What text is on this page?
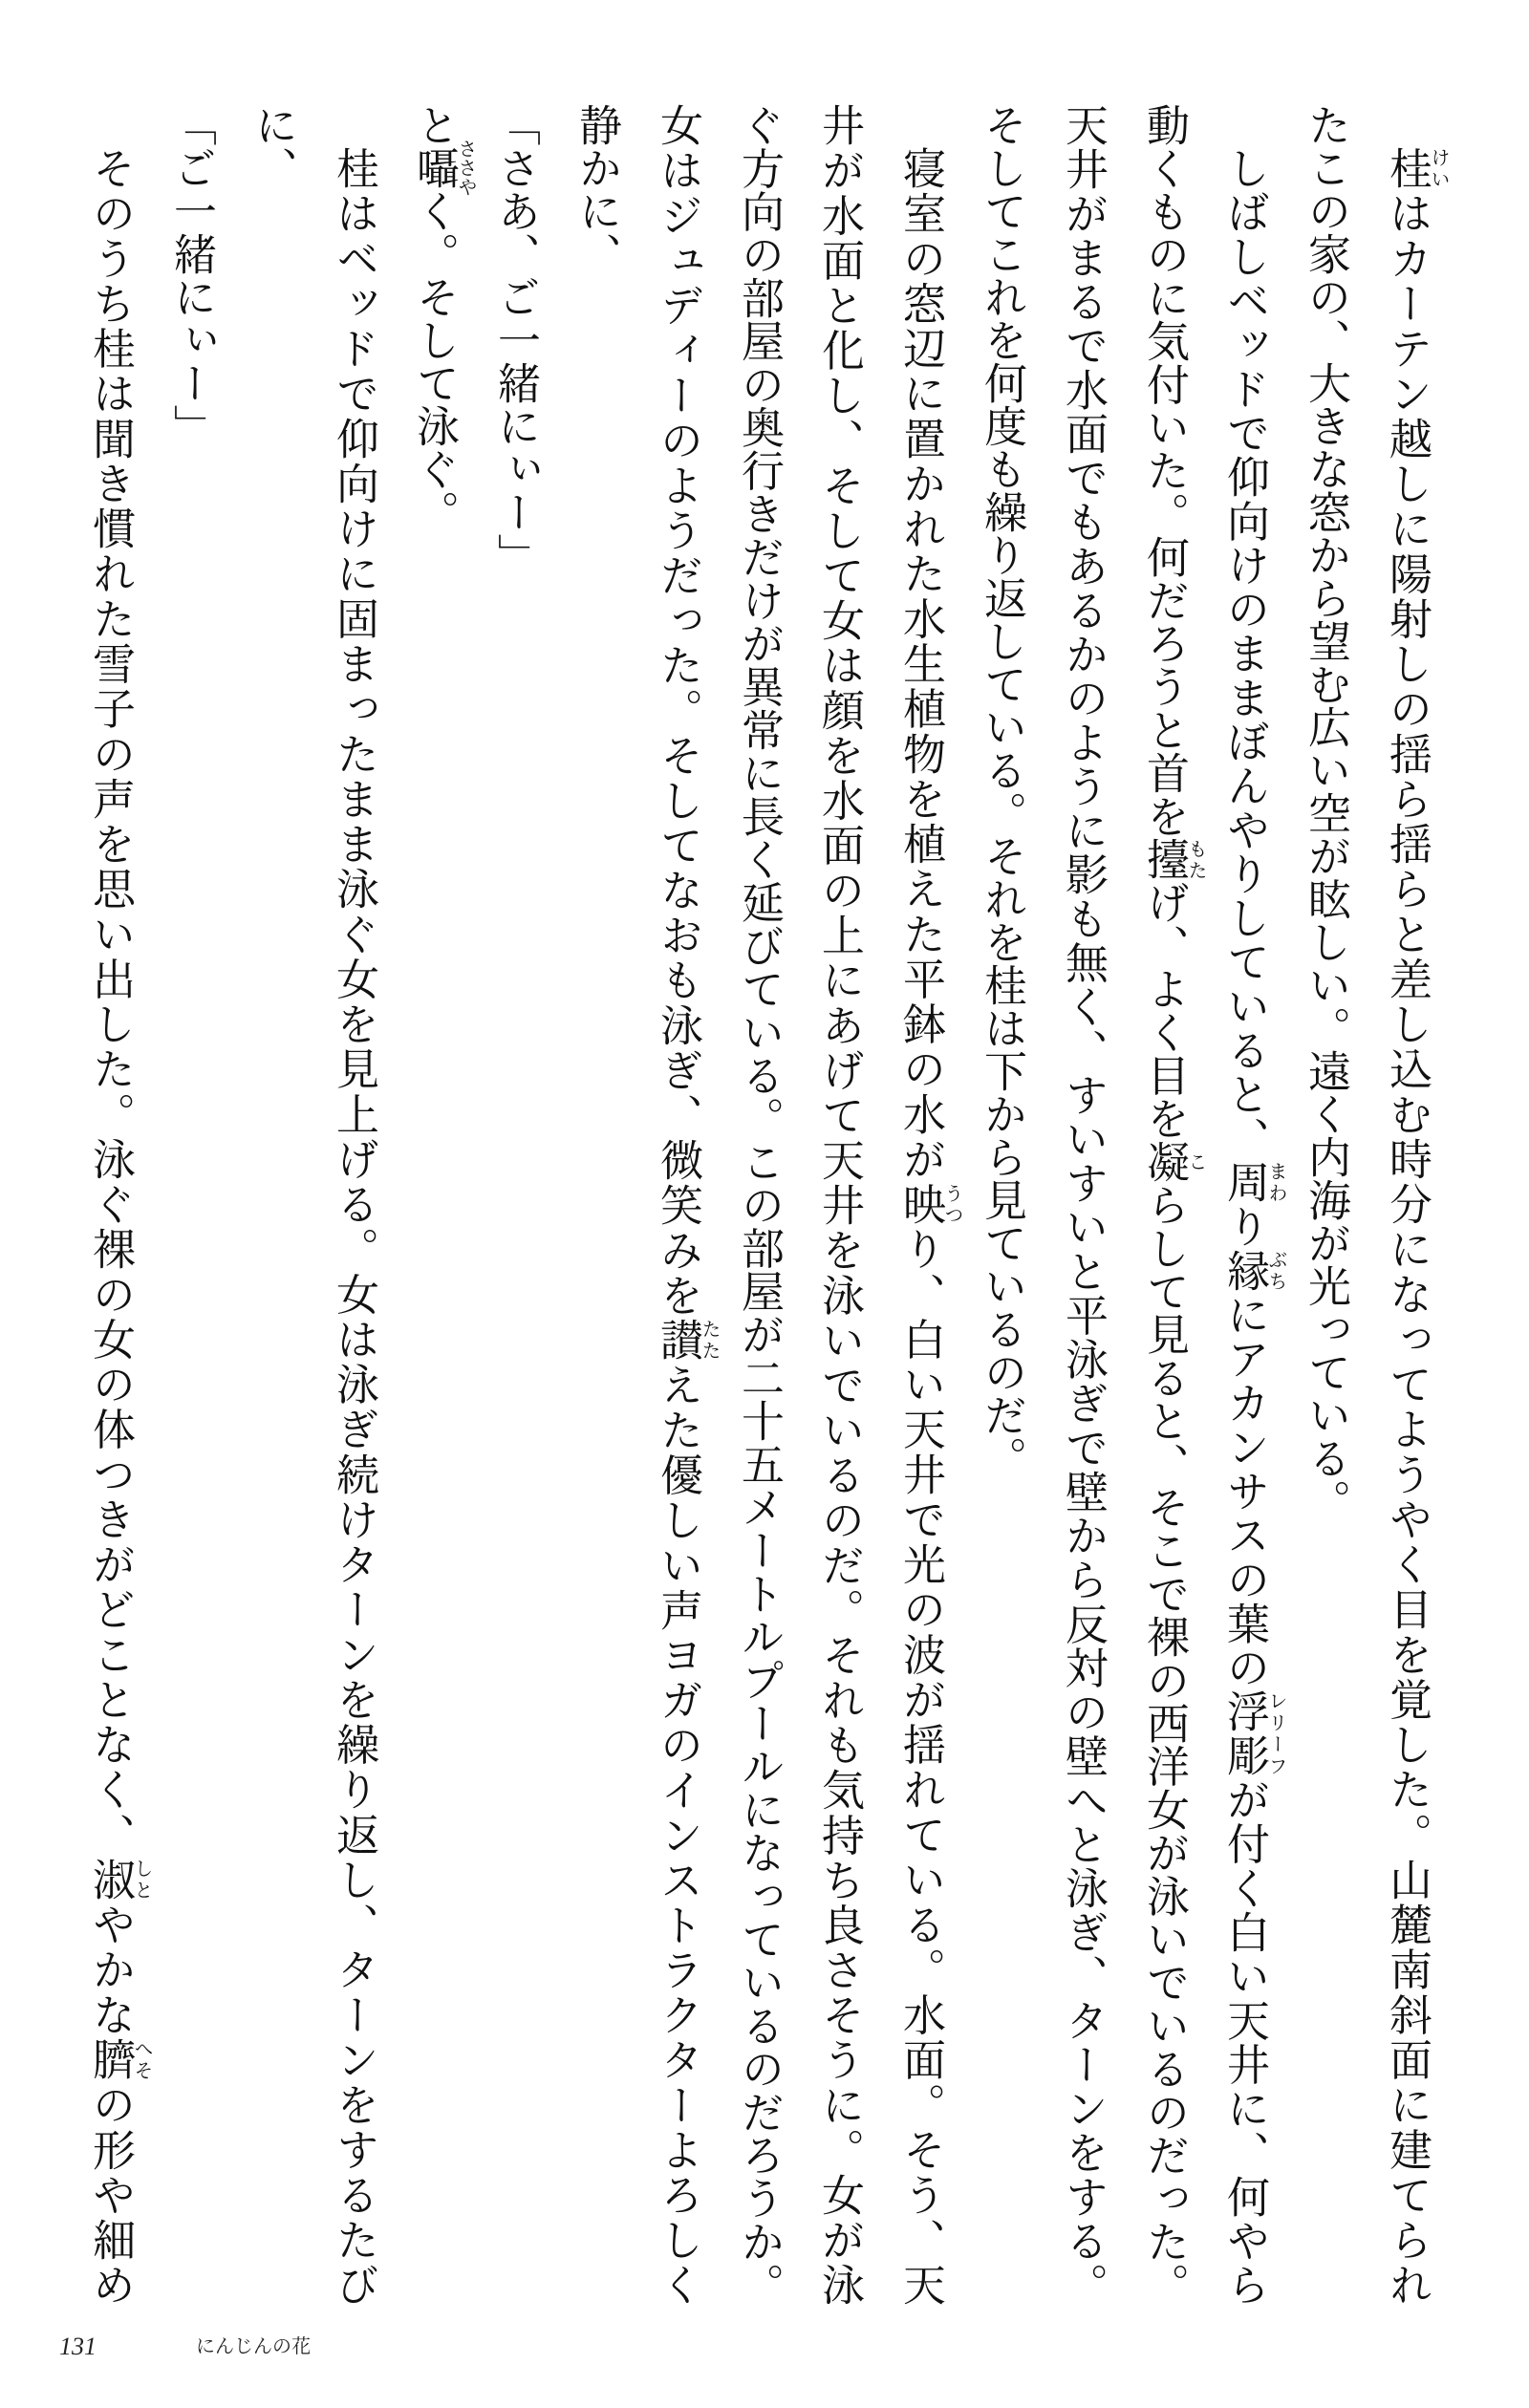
桂けいはカーテン越しに陽射しの揺ら揺らと差し込む時分になってようやく目を覚した。山麓南斜面に建てられ
たこの家の、大きな窓から望む広い空が眩しい。遠く内海が光っている。
しばしベッドで仰向けのままぼんやりしていると、周まわり縁ぶちにアカンサスの葉の浮彫レリーフが付く白い天井に、何やら
動くものに気付いた。何だろうと首を擡もたげ、よく目を凝こらして見ると、そこで裸の西洋女が泳いでいるのだった。
天井がまるで水面でもあるかのように影も無く、すいすいと平泳ぎで壁から反対の壁へと泳ぎ、ターンをする。
そしてこれを何度も繰り返している。それを桂は下から見ているのだ。
寝室の窓辺に置かれた水生植物を植えた平鉢の水が映うつり、白い天井で光の波が揺れている。水面。そう、天
井が水面と化し、そして女は顔を水面の上にあげて天井を泳いでいるのだ。それも気持ち良さそうに。女が泳
ぐ方向の部屋の奥行きだけが異常に長く延びている。この部屋が二十五メートルプールになっているのだろうか。
女はジュディーのようだった。そしてなおも泳ぎ、微笑みを讃たたえた優しい声ヨガのインストラクターよろしく
静かに、
「さあ、ご一緒にぃー」
と囁ささやく。そして泳ぐ。
桂はベッドで仰向けに固まったまま泳ぐ女を見上げる。女は泳ぎ続けターンを繰り返し、ターンをするたび
に、
「ご一緒にぃー」
そのうち桂は聞き慣れた雪子の声を思い出した。泳ぐ裸の女の体つきがどことなく、淑しとやかな臍へその形や細め
131	にんじんの花
